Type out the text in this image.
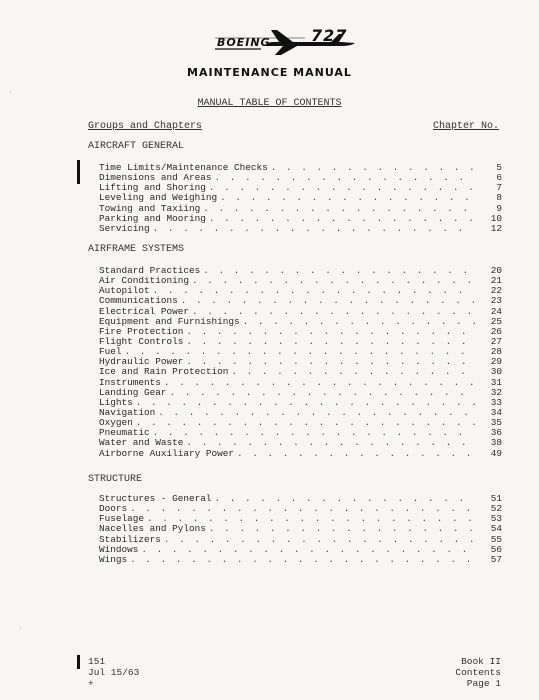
BOEING	727
MAINTENANCE MANUAL
MANUAL TABLE OF CONTENTS
Groups and Chapters	Chapter No.
AIRCRAFT GENERAL
Time Limits/Maintenance Checks . . .	5
Dimensions and Areas . . .	6
Lifting and Shoring . . .	7
Leveling and Weighing . . .	8
Towing and Taxiing . . .	9
Parking and Mooring . . .	10
Servicing . . .	12
AIRFRAME SYSTEMS
Standard Practices . . .	20
Air Conditioning . . .	21
Autopilot . . .	22
Communications . . .	23
Electrical Power . . .	24
Equipment and Furnishings . . .	25
Fire Protection . . .	26
Flight Controls . . .	27
Fuel . . .	28
Hydraulic Power . . .	29
Ice and Rain Protection . . .	30
Instruments . . .	31
Landing Gear . . .	32
Lights . . .	33
Navigation . . .	34
Oxygen . . .	35
Pneumatic . . .	36
Water and Waste . . .	38
Airborne Auxiliary Power . . .	49
STRUCTURE
Structures - General . . .	51
Doors . . .	52
Fuselage . . .	53
Nacelles and Pylons . . .	54
Stabilizers . . .	55
Windows . . .	56
Wings . . .	57
ˌ
ˌ
151
Jul 15/63
+
Book II
Contents
Page 1
